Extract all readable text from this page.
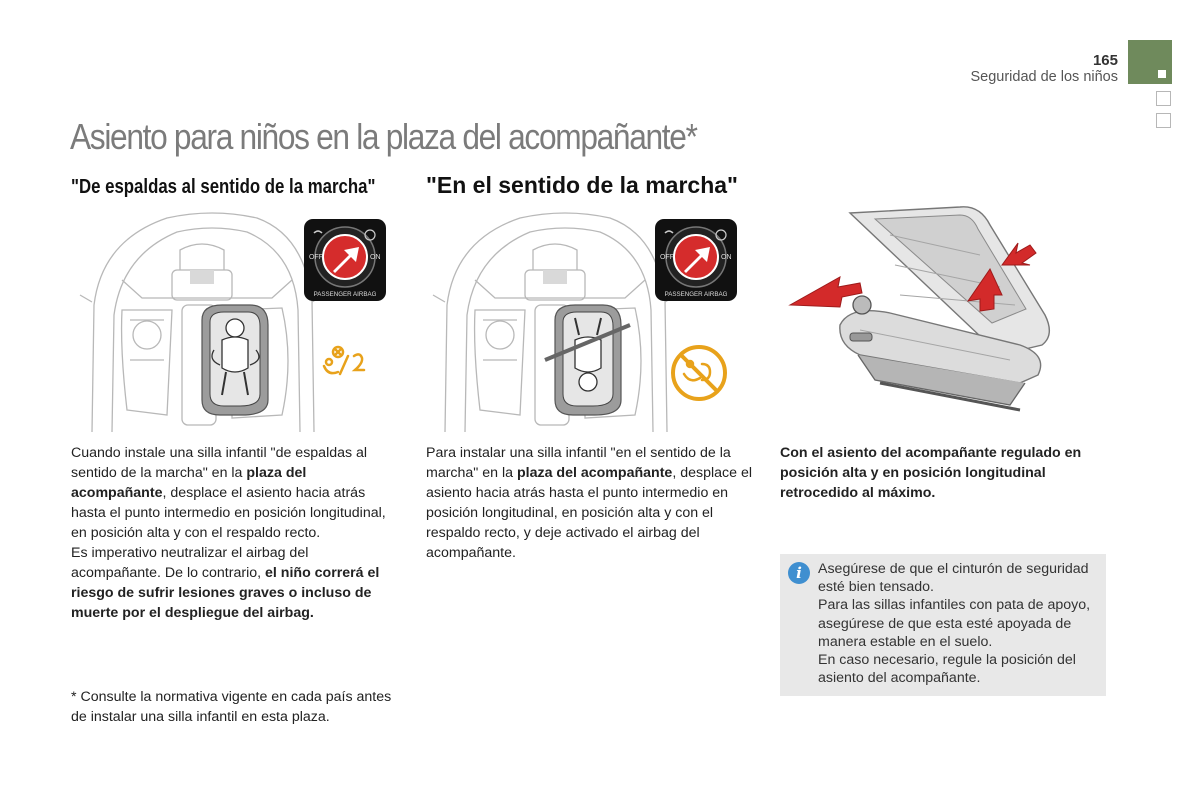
165
Seguridad de los niños
Asiento para niños en la plaza del acompañante*
"De espaldas al sentido de la marcha" "En el sentido de la marcha"
OFF	ON
PASSENGER AIRBAG
OFF	ON
PASSENGER AIRBAG

Cuando instale una silla infantil "de espaldas al sentido de la marcha" en la plaza del acompañante, desplace el asiento hacia atrás hasta el punto intermedio en posición longitudinal, en posición alta y con el respaldo recto.

Es imperativo neutralizar el airbag del acompañante. De lo contrario, el niño correrá el riesgo de sufrir lesiones graves o incluso de muerte por el despliegue del airbag.

* Consulte la normativa vigente en cada país antes de instalar una silla infantil en esta plaza.

Para instalar una silla infantil "en el sentido de la marcha" en la plaza del acompañante, desplace el asiento hacia atrás hasta el punto intermedio en posición longitudinal, en posición alta y con el respaldo recto, y deje activado el airbag del acompañante.

Con el asiento del acompañante regulado en posición alta y en posición longitudinal retrocedido al máximo.

i	Asegúrese de que el cinturón de seguridad esté bien tensado.
Para las sillas infantiles con pata de apoyo, asegúrese de que esta esté apoyada de manera estable en el suelo.
En caso necesario, regule la posición del asiento del acompañante.
